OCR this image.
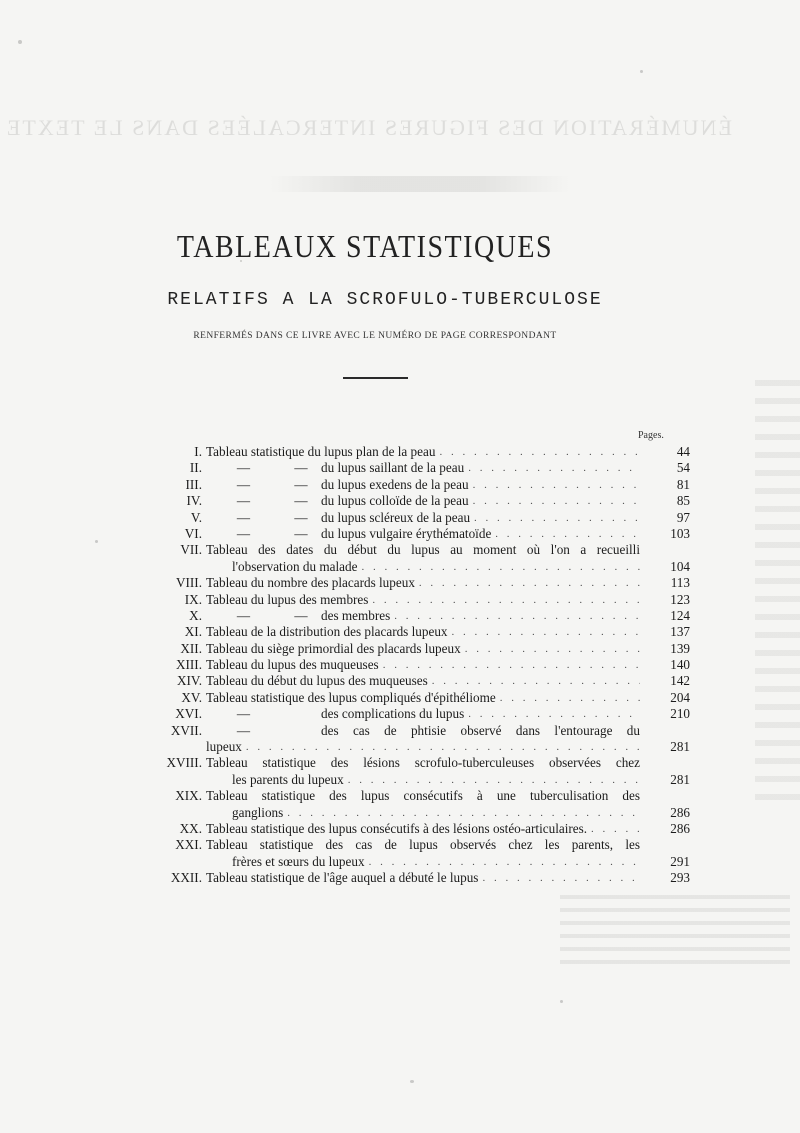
ÉNUMÉRATION DES FIGURES INTERCALÉES DANS LE TEXTE
TABLEAUX STATISTIQUES
RELATIFS A LA SCROFULO-TUBERCULOSE
RENFERMÉS DANS CE LIVRE AVEC LE NUMÉRO DE PAGE CORRESPONDANT
Pages.
I. Tableau statistique du lupus plan de la peau . . .	44
II.	—	—	du lupus saillant de la peau . . .	54
III.	—	—	du lupus exedens de la peau . . .	81
IV.	—	—	du lupus colloïde de la peau . . .	85
V.	—	—	du lupus scléreux de la peau . . .	97
VI.	—	—	du lupus vulgaire érythématoïde . . .	103
VII. Tableau des dates du début du lupus au moment où l'on a recueilli
l'observation du malade . . .	104
VIII. Tableau du nombre des placards lupeux . . .	113
IX. Tableau du lupus des membres . . .	123
X.	—	—	des membres . . .	124
XI. Tableau de la distribution des placards lupeux . . .	137
XII. Tableau du siège primordial des placards lupeux . . .	139
XIII. Tableau du lupus des muqueuses . . .	140
XIV. Tableau du début du lupus des muqueuses . . .	142
XV. Tableau statistique des lupus compliqués d'épithéliome . . .	204
XVI.	—	des complications du lupus . . .	210
XVII.	—	des cas de phtisie observé dans l'entourage du
lupeux . . .	281
XVIII. Tableau statistique des lésions scrofulo-tuberculeuses observées chez
les parents du lupeux . . .	281
XIX. Tableau statistique des lupus consécutifs à une tuberculisation des
ganglions . . .	286
XX. Tableau statistique des lupus consécutifs à des lésions ostéo-articulaires. . . .	286
XXI. Tableau statistique des cas de lupus observés chez les parents, les
frères et sœurs du lupeux . . .	291
XXII. Tableau statistique de l'âge auquel a débuté le lupus . . .	293
